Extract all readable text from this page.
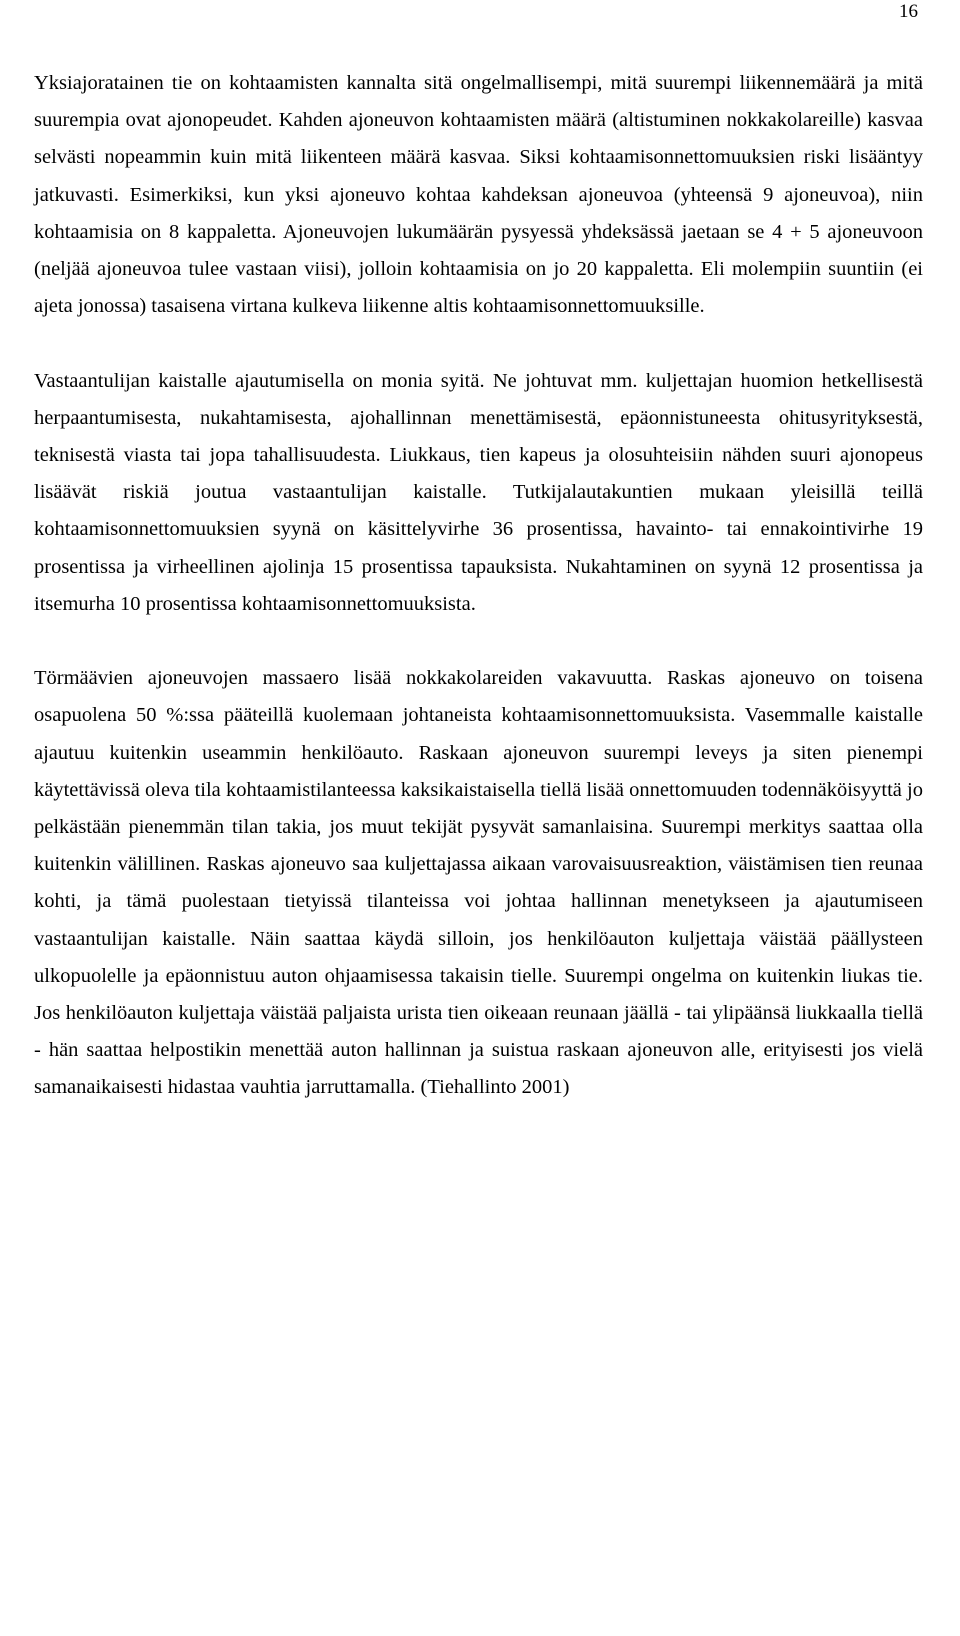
16

Yksiajoratainen tie on kohtaamisten kannalta sitä ongelmallisempi, mitä suurempi liikennemäärä ja mitä suurempia ovat ajonopeudet. Kahden ajoneuvon kohtaamisten määrä (altistuminen nokkakolareille) kasvaa selvästi nopeammin kuin mitä liikenteen määrä kasvaa. Siksi kohtaamisonnettomuuksien riski lisääntyy jatkuvasti. Esimerkiksi, kun yksi ajoneuvo kohtaa kahdeksan ajoneuvoa (yhteensä 9 ajoneuvoa), niin kohtaamisia on 8 kappaletta. Ajoneuvojen lukumäärän pysyessä yhdeksässä jaetaan se 4 + 5 ajoneuvoon (neljää ajoneuvoa tulee vastaan viisi), jolloin kohtaamisia on jo 20 kappaletta. Eli molempiin suuntiin (ei ajeta jonossa) tasaisena virtana kulkeva liikenne altis kohtaamisonnettomuuksille.

Vastaantulijan kaistalle ajautumisella on monia syitä. Ne johtuvat mm. kuljettajan huomion hetkellisestä herpaantumisesta, nukahtamisesta, ajohallinnan menettämisestä, epäonnistuneesta ohitusyrityksestä, teknisestä viasta tai jopa tahallisuudesta. Liukkaus, tien kapeus ja olosuhteisiin nähden suuri ajonopeus lisäävät riskiä joutua vastaantulijan kaistalle. Tutkijalautakuntien mukaan yleisillä teillä kohtaamisonnettomuuksien syynä on käsittelyvirhe 36 prosentissa, havainto- tai ennakointivirhe 19 prosentissa ja virheellinen ajolinja 15 prosentissa tapauksista. Nukahtaminen on syynä 12 prosentissa ja itsemurha 10 prosentissa kohtaamisonnettomuuksista.

Törmäävien ajoneuvojen massaero lisää nokkakolareiden vakavuutta. Raskas ajoneuvo on toisena osapuolena 50 %:ssa pääteillä kuolemaan johtaneista kohtaamisonnettomuuksista. Vasemmalle kaistalle ajautuu kuitenkin useammin henkilöauto. Raskaan ajoneuvon suurempi leveys ja siten pienempi käytettävissä oleva tila kohtaamistilanteessa kaksikaistaisella tiellä lisää onnettomuuden todennäköisyyttä jo pelkästään pienemmän tilan takia, jos muut tekijät pysyvät samanlaisina. Suurempi merkitys saattaa olla kuitenkin välillinen. Raskas ajoneuvo saa kuljettajassa aikaan varovaisuusreaktion, väistämisen tien reunaa kohti, ja tämä puolestaan tietyissä tilanteissa voi johtaa hallinnan menetykseen ja ajautumiseen vastaantulijan kaistalle. Näin saattaa käydä silloin, jos henkilöauton kuljettaja väistää päällysteen ulkopuolelle ja epäonnistuu auton ohjaamisessa takaisin tielle. Suurempi ongelma on kuitenkin liukas tie. Jos henkilöauton kuljettaja väistää paljaista urista tien oikeaan reunaan jäällä - tai ylipäänsä liukkaalla tiellä - hän saattaa helpostikin menettää auton hallinnan ja suistua raskaan ajoneuvon alle, erityisesti jos vielä samanaikaisesti hidastaa vauhtia jarruttamalla. (Tiehallinto 2001)
